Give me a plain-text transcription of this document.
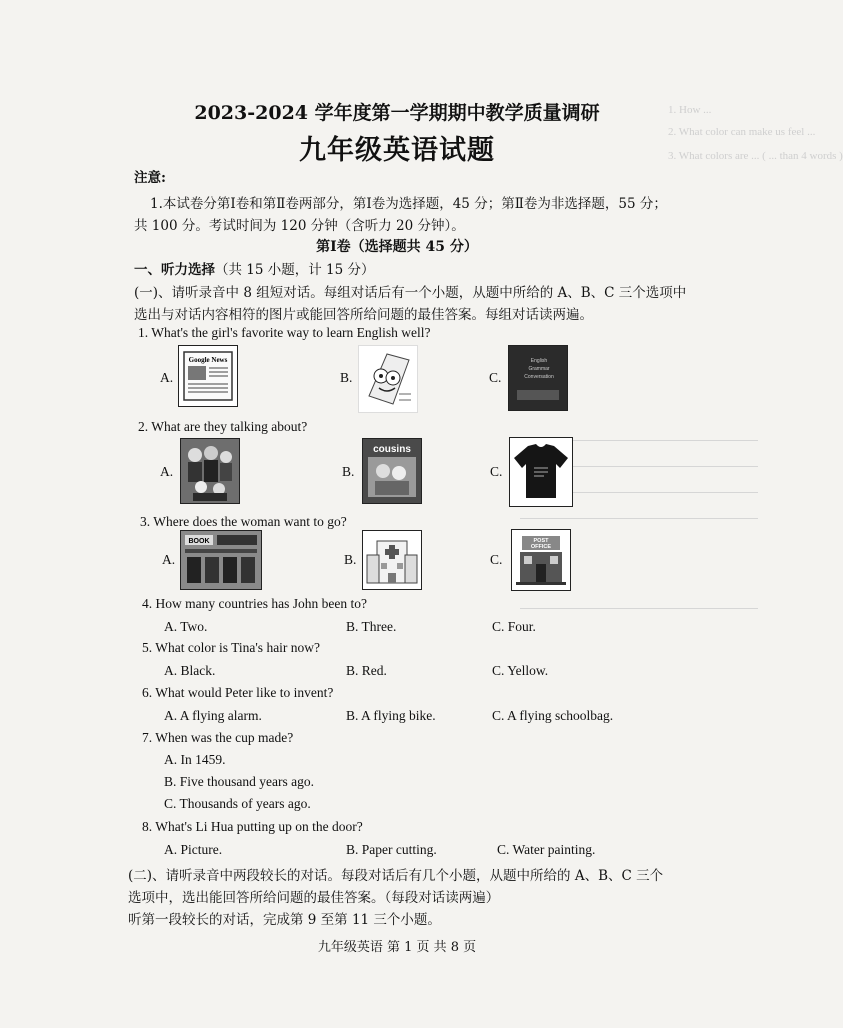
1. How ...
2. What color can make us feel ...
3. What colors are ... ( ... than 4 words )
2023-2024 学年度第一学期期中教学质量调研
九年级英语试题
注意:
1.本试卷分第Ⅰ卷和第Ⅱ卷两部分，第Ⅰ卷为选择题，45 分；第Ⅱ卷为非选择题，55 分；
共 100 分。考试时间为 120 分钟（含听力 20 分钟）。
第Ⅰ卷（选择题共 45 分）
一、听力选择（共 15 小题，计 15 分）
(一)、请听录音中 8 组短对话。每组对话后有一个小题，从题中所给的 A、B、C 三个选项中
选出与对话内容相符的图片或能回答所给问题的最佳答案。每组对话读两遍。
1. What's the girl's favorite way to learn English well?
A.
Google News
B.	C.
English
Grammar
Conversation
2. What are they talking about?
A.	B.
cousins
C.
3. Where does the woman want to go?
A.
BOOK
B.	C.
POST
OFFICE
4. How many countries has John been to?
A. Two.	B. Three.	C. Four.
5. What color is Tina's hair now?
A. Black.	B. Red.	C. Yellow.
6. What would Peter like to invent?
A. A flying alarm.	B. A flying bike.	C. A flying schoolbag.
7. When was the cup made?
A. In 1459.
B. Five thousand years ago.
C. Thousands of years ago.
8. What's Li Hua putting up on the door?
A. Picture.	B. Paper cutting.	C. Water painting.
(二)、请听录音中两段较长的对话。每段对话后有几个小题，从题中所给的 A、B、C 三个
选项中，选出能回答所给问题的最佳答案。（每段对话读两遍）
听第一段较长的对话，完成第 9 至第 11 三个小题。
九年级英语 第 1 页 共 8 页
